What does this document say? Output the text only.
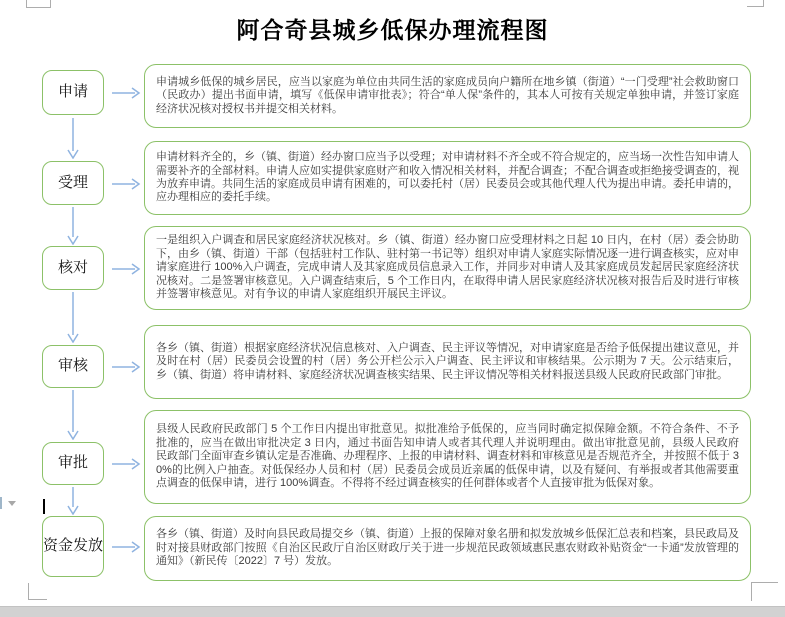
阿合奇县城乡低保办理流程图
申请
申请城乡低保的城乡居民，应当以家庭为单位由共同生活的家庭成员向户籍所在地乡镇（街道）“一门受理”社会救助窗口（民政办）提出书面申请，填写《低保申请审批表》；符合“单人保”条件的，其本人可按有关规定单独申请，并签订家庭经济状况核对授权书并提交相关材料。
受理
申请材料齐全的，乡（镇、街道）经办窗口应当予以受理；对申请材料不齐全或不符合规定的，应当场一次性告知申请人需要补齐的全部材料。申请人应如实提供家庭财产和收入情况相关材料，并配合调查；不配合调查或拒绝接受调查的，视为放弃申请。共同生活的家庭成员申请有困难的，可以委托村（居）民委员会或其他代理人代为提出申请。委托申请的，应办理相应的委托手续。
核对
一是组织入户调查和居民家庭经济状况核对。乡（镇、街道）经办窗口应受理材料之日起 10 日内，在村（居）委会协助下，由乡（镇、街道）干部（包括驻村工作队、驻村第一书记等）组织对申请人家庭实际情况逐一进行调查核实，应对申请家庭进行 100%入户调查，完成申请人及其家庭成员信息录入工作，并同步对申请人及其家庭成员发起居民家庭经济状况核对。二是签署审核意见。入户调查结束后，5 个工作日内，在取得申请人居民家庭经济状况核对报告后及时进行审核并签署审核意见。对有争议的申请人家庭组织开展民主评议。
审核
各乡（镇、街道）根据家庭经济状况信息核对、入户调查、民主评议等情况，对申请家庭是否给予低保提出建议意见，并及时在村（居）民委员会设置的村（居）务公开栏公示入户调查、民主评议和审核结果。公示期为 7 天。公示结束后，乡（镇、街道）将申请材料、家庭经济状况调查核实结果、民主评议情况等相关材料报送县级人民政府民政部门审批。
审批
县级人民政府民政部门 5 个工作日内提出审批意见。拟批准给予低保的，应当同时确定拟保障金额。不符合条件、不予批准的，应当在做出审批决定 3 日内，通过书面告知申请人或者其代理人并说明理由。做出审批意见前，县级人民政府民政部门全面审查乡镇认定是否准确、办理程序、上报的申请材料、调查材料和审核意见是否规范齐全，并按照不低于 30%的比例入户抽查。对低保经办人员和村（居）民委员会成员近亲属的低保申请，以及有疑问、有举报或者其他需要重点调查的低保申请，进行 100%调查。不得将不经过调查核实的任何群体或者个人直接审批为低保对象。
资金发放
各乡（镇、街道）及时向县民政局提交乡（镇、街道）上报的保障对象名册和拟发放城乡低保汇总表和档案，县民政局及时对接县财政部门按照《自治区民政厅自治区财政厅关于进一步规范民政领域惠民惠农财政补贴资金“一卡通”发放管理的通知》（新民传〔2022〕7 号）发放。
